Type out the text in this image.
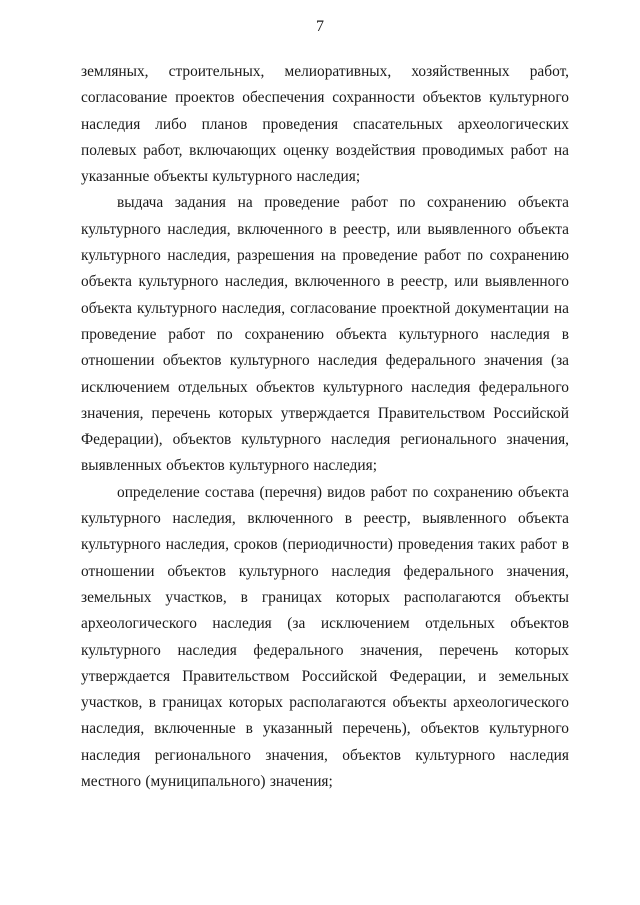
7

земляных, строительных, мелиоративных, хозяйственных работ, согласование проектов обеспечения сохранности объектов культурного наследия либо планов проведения спасательных археологических полевых работ, включающих оценку воздействия проводимых работ на указанные объекты культурного наследия;

выдача задания на проведение работ по сохранению объекта культурного наследия, включенного в реестр, или выявленного объекта культурного наследия, разрешения на проведение работ по сохранению объекта культурного наследия, включенного в реестр, или выявленного объекта культурного наследия, согласование проектной документации на проведение работ по сохранению объекта культурного наследия в отношении объектов культурного наследия федерального значения (за исключением отдельных объектов культурного наследия федерального значения, перечень которых утверждается Правительством Российской Федерации), объектов культурного наследия регионального значения, выявленных объектов культурного наследия;

определение состава (перечня) видов работ по сохранению объекта культурного наследия, включенного в реестр, выявленного объекта культурного наследия, сроков (периодичности) проведения таких работ в отношении объектов культурного наследия федерального значения, земельных участков, в границах которых располагаются объекты археологического наследия (за исключением отдельных объектов культурного наследия федерального значения, перечень которых утверждается Правительством Российской Федерации, и земельных участков, в границах которых располагаются объекты археологического наследия, включенные в указанный перечень), объектов культурного наследия регионального значения, объектов культурного наследия местного (муниципального) значения;
